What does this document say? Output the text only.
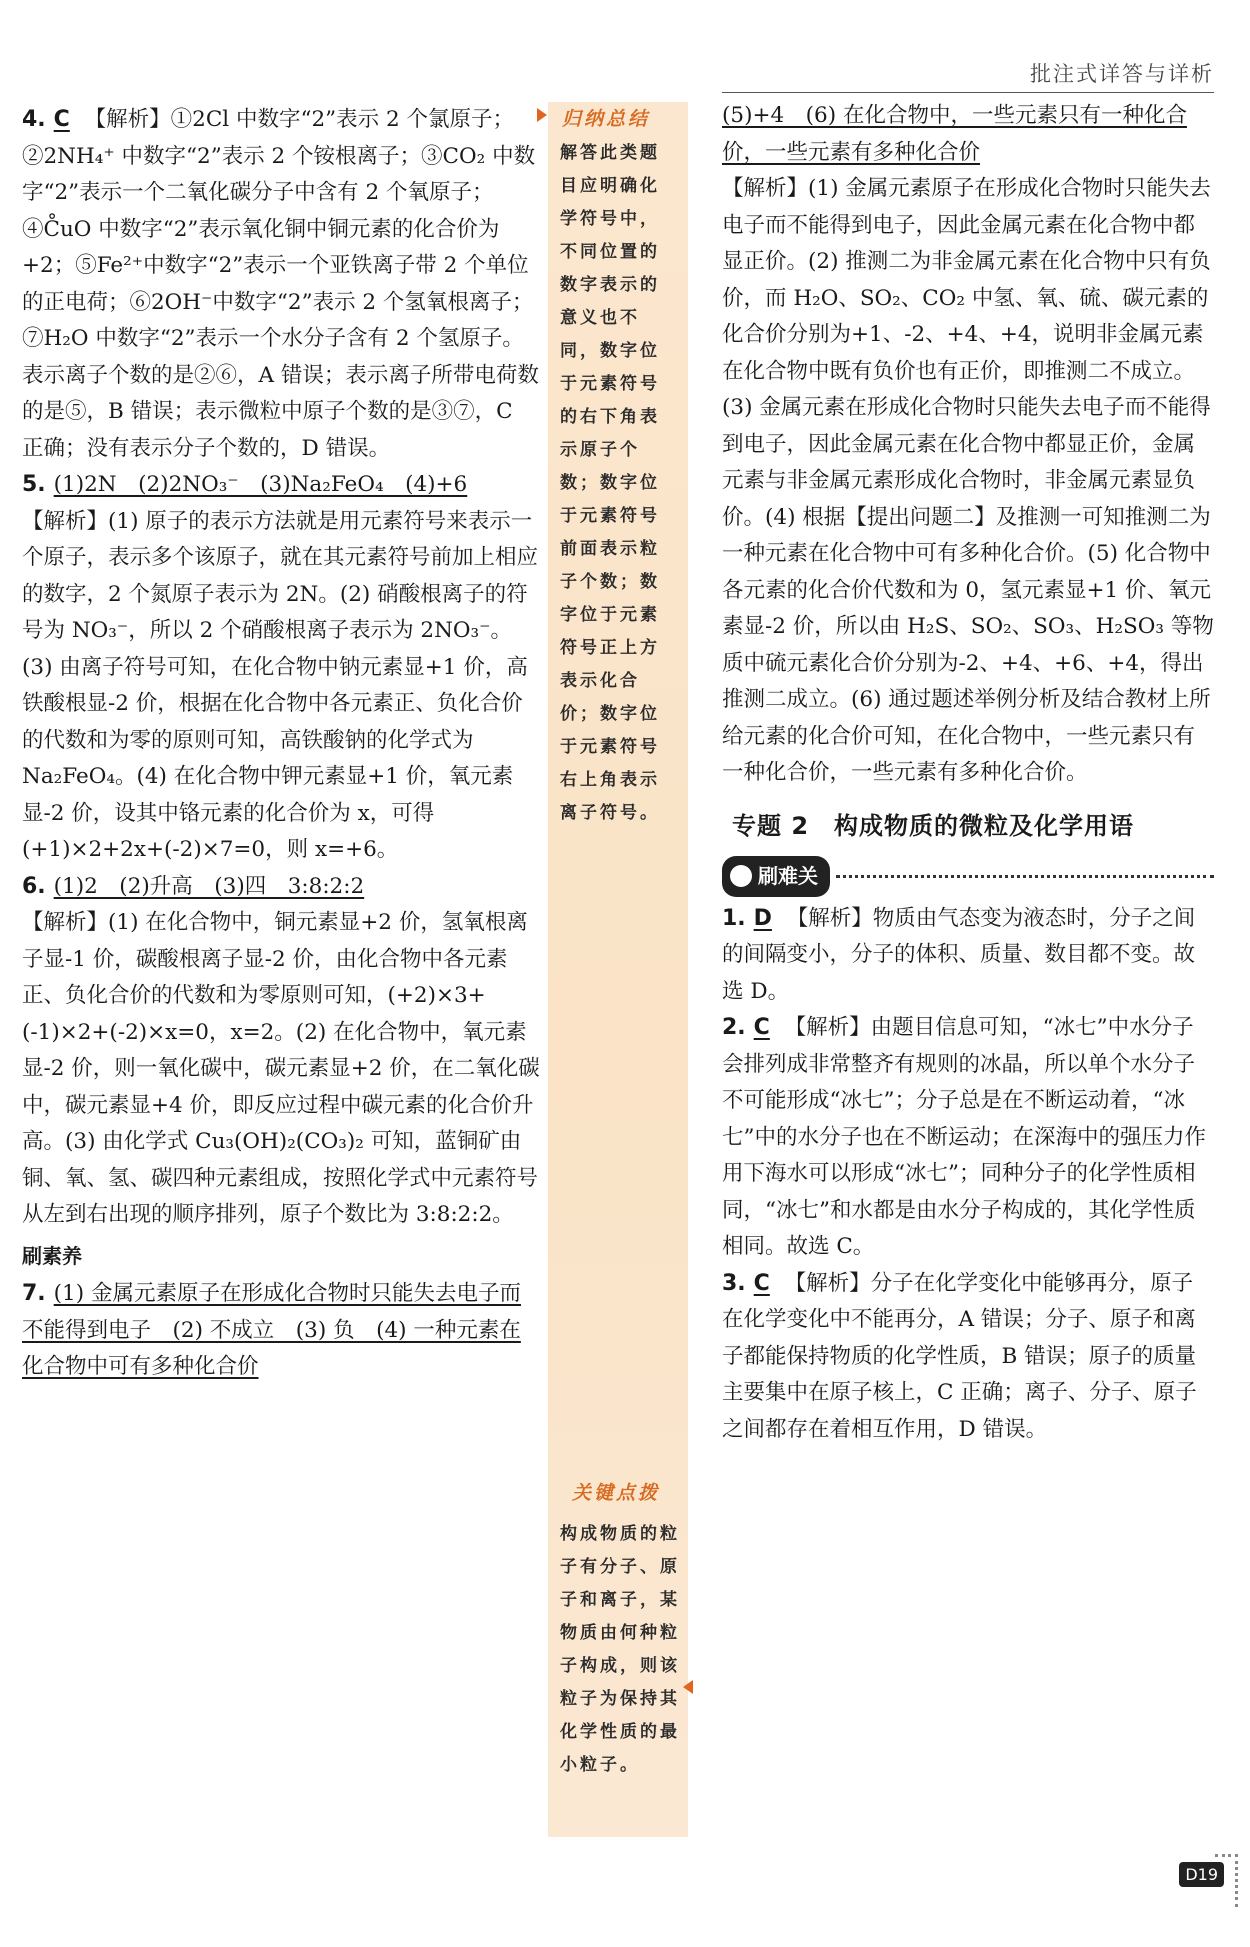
批注式详答与详析
归纳总结
解答此类题目应明确化学符号中，不同位置的数字表示的意义也不同，数字位于元素符号的右下角表示原子个数；数字位于元素符号前面表示粒子个数；数字位于元素符号正上方表示化合价；数字位于元素符号右上角表示离子符号。
关键点拨
构成物质的粒子有分子、原子和离子，某物质由何种粒子构成，则该粒子为保持其化学性质的最小粒子。

4. C 【解析】①2Cl 中数字“2”表示 2 个氯原子；②2NH₄⁺ 中数字“2”表示 2 个铵根离子；③CO₂ 中数字“2”表示一个二氧化碳分子中含有 2 个氧原子；④C̊uO 中数字“2”表示氧化铜中铜元素的化合价为+2；⑤Fe²⁺中数字“2”表示一个亚铁离子带 2 个单位的正电荷；⑥2OH⁻中数字“2”表示 2 个氢氧根离子；⑦H₂O 中数字“2”表示一个水分子含有 2 个氢原子。表示离子个数的是②⑥，A 错误；表示离子所带电荷数的是⑤，B 错误；表示微粒中原子个数的是③⑦，C 正确；没有表示分子个数的，D 错误。

5. (1)2N　(2)2NO₃⁻　(3)Na₂FeO₄　(4)+6
【解析】(1) 原子的表示方法就是用元素符号来表示一个原子，表示多个该原子，就在其元素符号前加上相应的数字，2 个氮原子表示为 2N。(2) 硝酸根离子的符号为 NO₃⁻，所以 2 个硝酸根离子表示为 2NO₃⁻。(3) 由离子符号可知，在化合物中钠元素显+1 价，高铁酸根显-2 价，根据在化合物中各元素正、负化合价的代数和为零的原则可知，高铁酸钠的化学式为 Na₂FeO₄。(4) 在化合物中钾元素显+1 价，氧元素显-2 价，设其中铬元素的化合价为 x，可得 (+1)×2+2x+(-2)×7=0，则 x=+6。

6. (1)2　(2)升高　(3)四　3:8:2:2
【解析】(1) 在化合物中，铜元素显+2 价，氢氧根离子显-1 价，碳酸根离子显-2 价，由化合物中各元素正、负化合价的代数和为零原则可知，(+2)×3+(-1)×2+(-2)×x=0，x=2。(2) 在化合物中，氧元素显-2 价，则一氧化碳中，碳元素显+2 价，在二氧化碳中，碳元素显+4 价，即反应过程中碳元素的化合价升高。(3) 由化学式 Cu₃(OH)₂(CO₃)₂ 可知，蓝铜矿由铜、氧、氢、碳四种元素组成，按照化学式中元素符号从左到右出现的顺序排列，原子个数比为 3:8:2:2。

刷素养

7. (1) 金属元素原子在形成化合物时只能失去电子而不能得到电子　(2) 不成立　(3) 负　(4) 一种元素在化合物中可有多种化合价

(5)+4　(6) 在化合物中，一些元素只有一种化合价，一些元素有多种化合价

【解析】(1) 金属元素原子在形成化合物时只能失去电子而不能得到电子，因此金属元素在化合物中都显正价。(2) 推测二为非金属元素在化合物中只有负价，而 H₂O、SO₂、CO₂ 中氢、氧、硫、碳元素的化合价分别为+1、-2、+4、+4，说明非金属元素在化合物中既有负价也有正价，即推测二不成立。(3) 金属元素在形成化合物时只能失去电子而不能得到电子，因此金属元素在化合物中都显正价，金属元素与非金属元素形成化合物时，非金属元素显负价。(4) 根据【提出问题二】及推测一可知推测二为一种元素在化合物中可有多种化合价。(5) 化合物中各元素的化合价代数和为 0，氢元素显+1 价、氧元素显-2 价，所以由 H₂S、SO₂、SO₃、H₂SO₃ 等物质中硫元素化合价分别为-2、+4、+6、+4，得出推测二成立。(6) 通过题述举例分析及结合教材上所给元素的化合价可知，在化合物中，一些元素只有一种化合价，一些元素有多种化合价。

专题 2　构成物质的微粒及化学用语
刷难关

1. D 【解析】物质由气态变为液态时，分子之间的间隔变小，分子的体积、质量、数目都不变。故选 D。

2. C 【解析】由题目信息可知，“冰七”中水分子会排列成非常整齐有规则的冰晶，所以单个水分子不可能形成“冰七”；分子总是在不断运动着，“冰七”中的水分子也在不断运动；在深海中的强压力作用下海水可以形成“冰七”；同种分子的化学性质相同，“冰七”和水都是由水分子构成的，其化学性质相同。故选 C。

3. C 【解析】分子在化学变化中能够再分，原子在化学变化中不能再分，A 错误；分子、原子和离子都能保持物质的化学性质，B 错误；原子的质量主要集中在原子核上，C 正确；离子、分子、原子之间都存在着相互作用，D 错误。

D19
